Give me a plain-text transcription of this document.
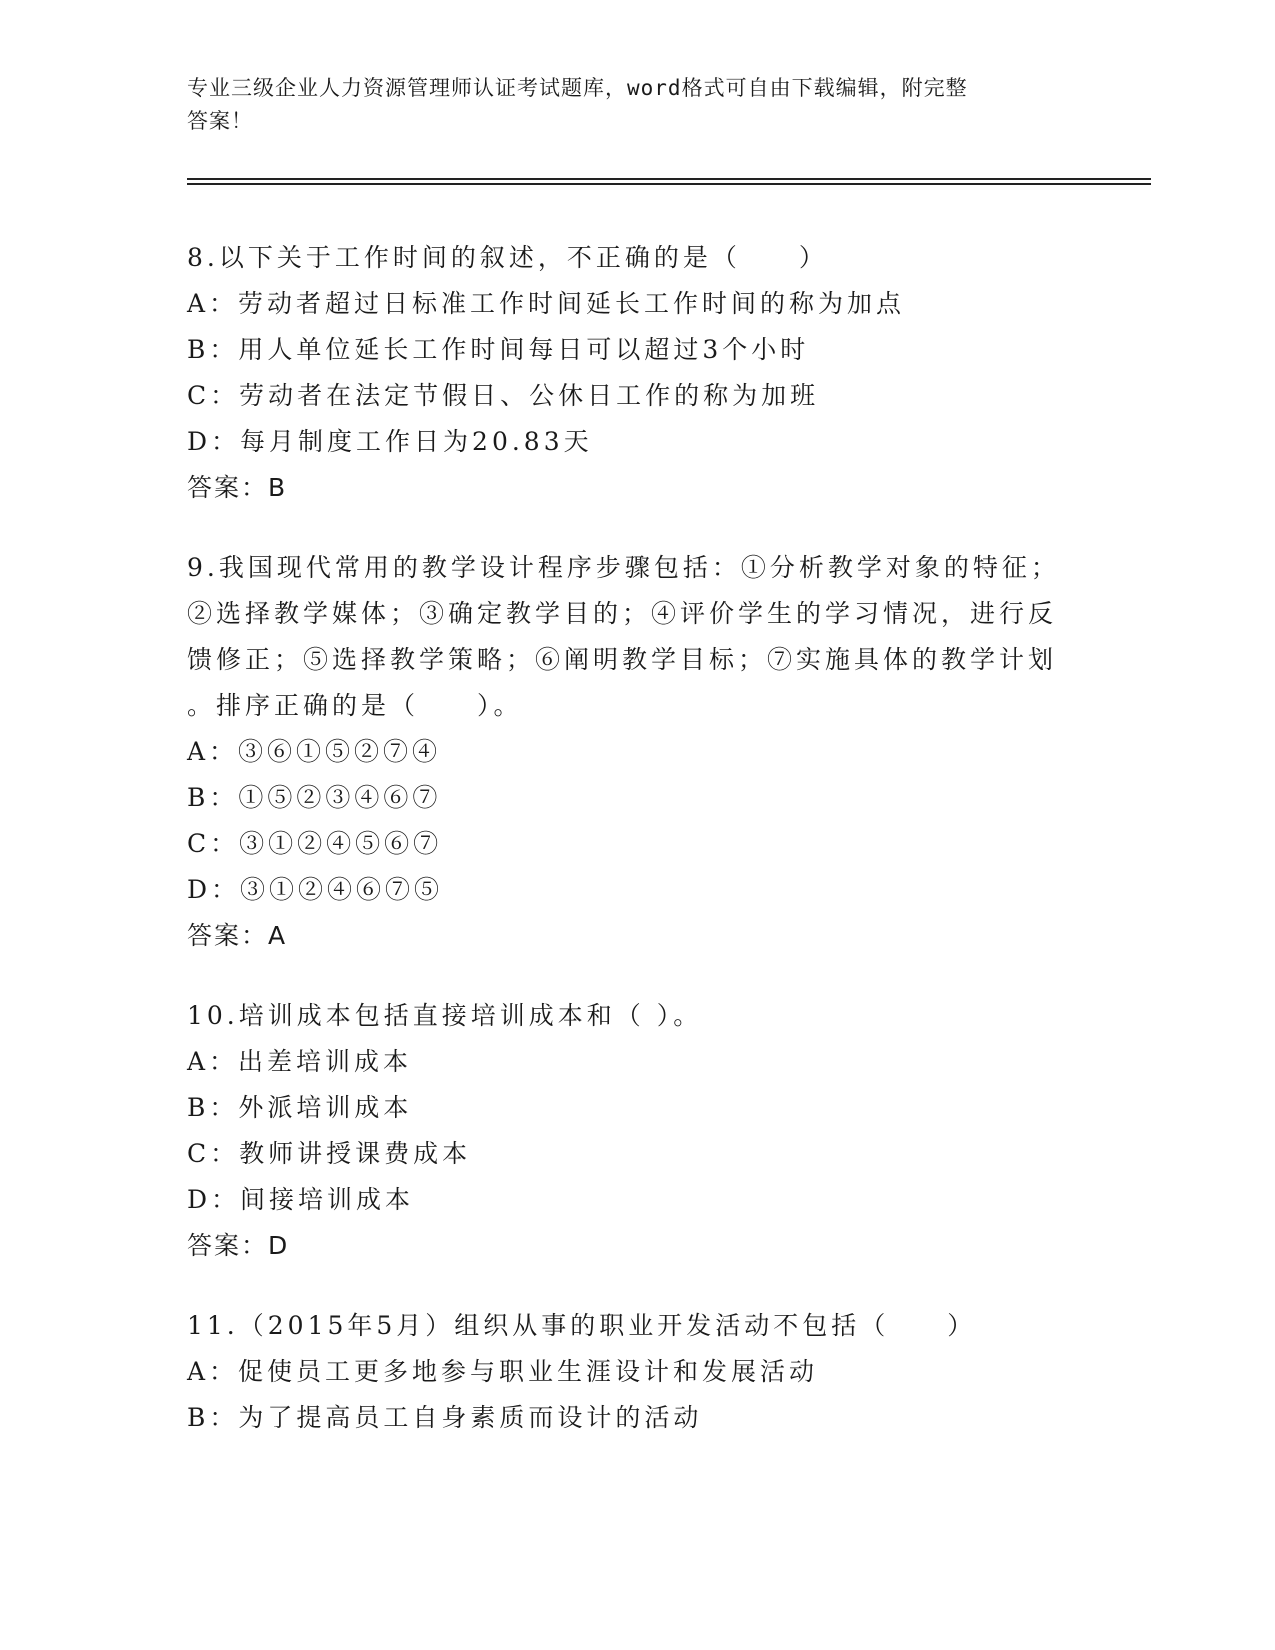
专业三级企业人力资源管理师认证考试题库，word格式可自由下载编辑，附完整
答案！
8.以下关于工作时间的叙述，不正确的是（　　）
A：劳动者超过日标准工作时间延长工作时间的称为加点
B：用人单位延长工作时间每日可以超过3个小时
C：劳动者在法定节假日、公休日工作的称为加班
D：每月制度工作日为20.83天
答案：B
9.我国现代常用的教学设计程序步骤包括：①分析教学对象的特征；
②选择教学媒体；③确定教学目的；④评价学生的学习情况，进行反
馈修正；⑤选择教学策略；⑥阐明教学目标；⑦实施具体的教学计划
。排序正确的是（　　）。
A：③⑥①⑤②⑦④
B：①⑤②③④⑥⑦
C：③①②④⑤⑥⑦
D：③①②④⑥⑦⑤
答案：A
10.培训成本包括直接培训成本和（ ）。
A：出差培训成本
B：外派培训成本
C：教师讲授课费成本
D：间接培训成本
答案：D
11.（2015年5月）组织从事的职业开发活动不包括（　　）
A：促使员工更多地参与职业生涯设计和发展活动
B：为了提高员工自身素质而设计的活动
